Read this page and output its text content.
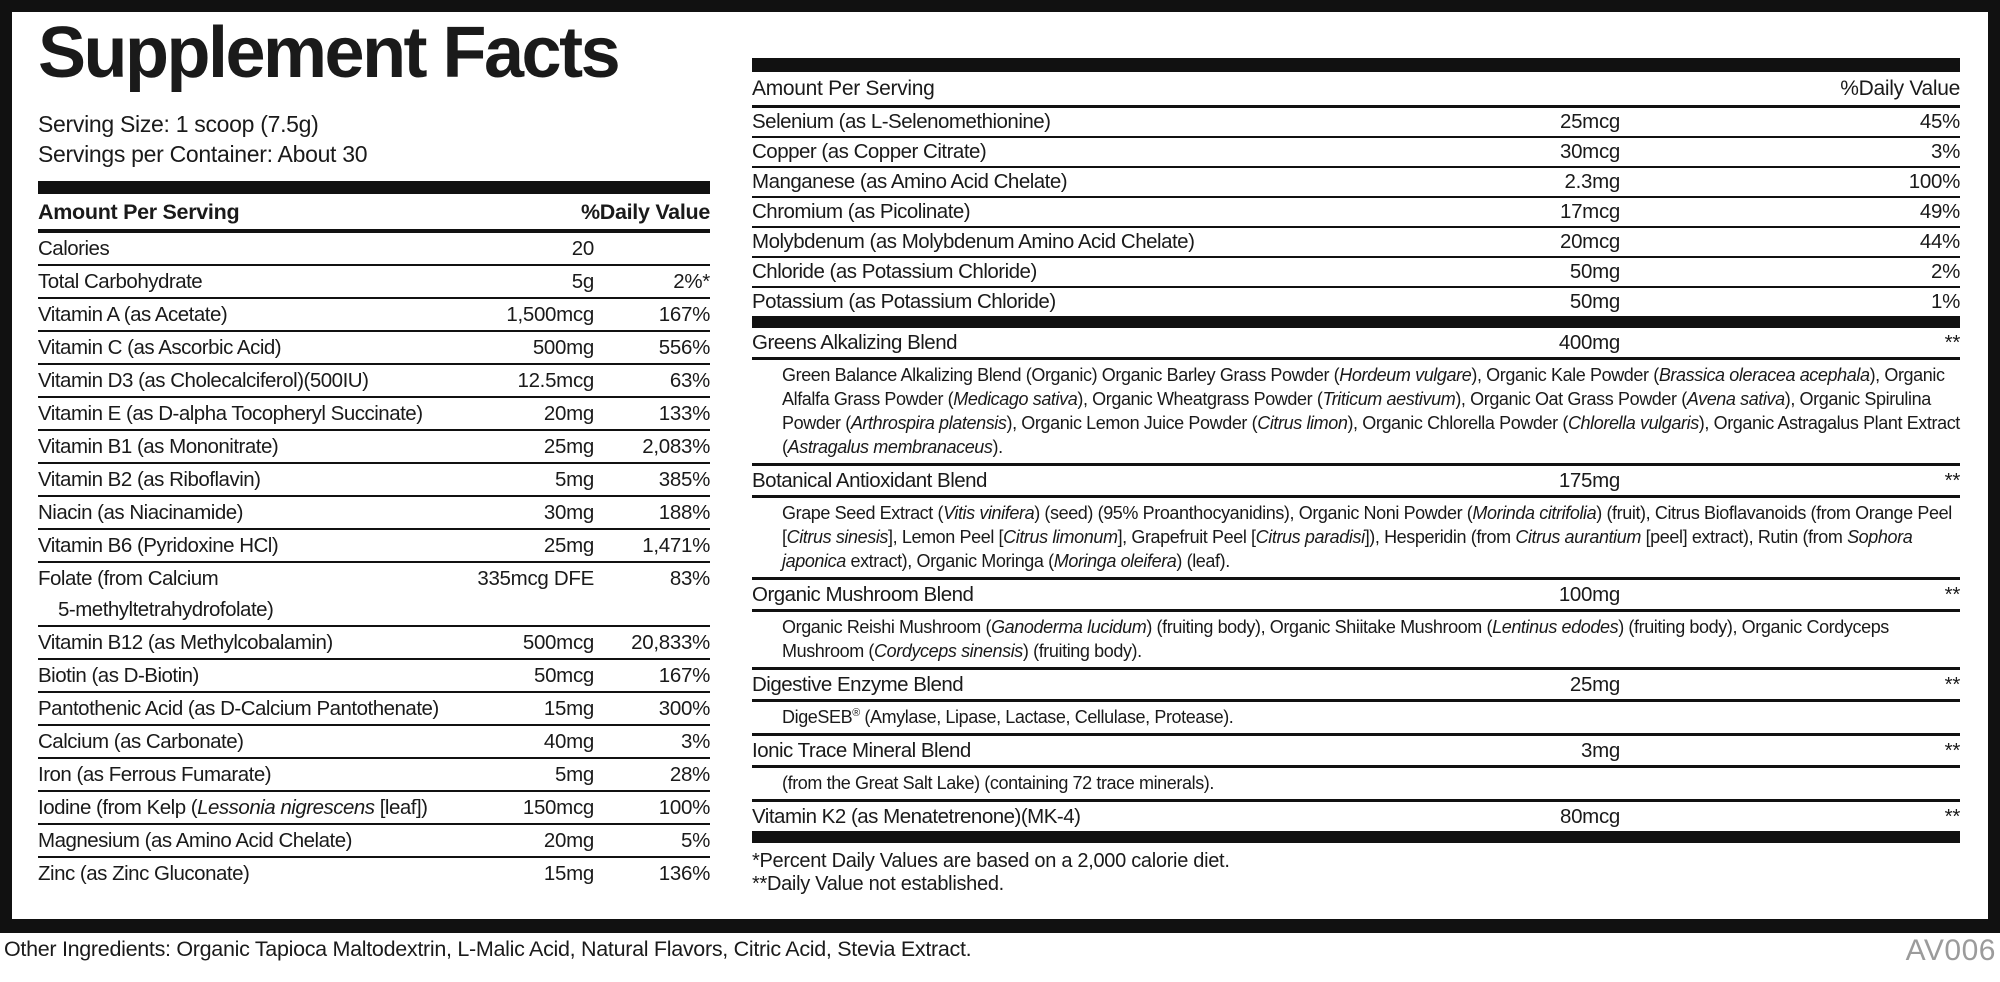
Supplement Facts
Serving Size: 1 scoop (7.5g)
Servings per Container: About 30
Amount Per Serving	%Daily Value
Calories	20
Total Carbohydrate	5g	2%*
Vitamin A (as Acetate)	1,500mcg	167%
Vitamin C (as Ascorbic Acid)	500mg	556%
Vitamin D3 (as Cholecalciferol)(500IU)	12.5mcg	63%
Vitamin E (as D-alpha Tocopheryl Succinate)	20mg	133%
Vitamin B1 (as Mononitrate)	25mg	2,083%
Vitamin B2 (as Riboflavin)	5mg	385%
Niacin (as Niacinamide)	30mg	188%
Vitamin B6 (Pyridoxine HCl)	25mg	1,471%
Folate (from Calcium
5-methyltetrahydrofolate)
335mcg DFE	83%
Vitamin B12 (as Methylcobalamin)	500mcg	20,833%
Biotin (as D-Biotin)	50mcg	167%
Pantothenic Acid (as D-Calcium Pantothenate)	15mg	300%
Calcium (as Carbonate)	40mg	3%
Iron (as Ferrous Fumarate)	5mg	28%
Iodine (from Kelp (Lessonia nigrescens [leaf])	150mcg	100%
Magnesium (as Amino Acid Chelate)	20mg	5%
Zinc (as Zinc Gluconate)	15mg	136%
Amount Per Serving	%Daily Value
Selenium (as L-Selenomethionine)	25mcg	45%
Copper (as Copper Citrate)	30mcg	3%
Manganese (as Amino Acid Chelate)	2.3mg	100%
Chromium (as Picolinate)	17mcg	49%
Molybdenum (as Molybdenum Amino Acid Chelate)	20mcg	44%
Chloride (as Potassium Chloride)	50mg	2%
Potassium (as Potassium Chloride)	50mg	1%
Greens Alkalizing Blend	400mg	**
Green Balance Alkalizing Blend (Organic) Organic Barley Grass Powder (Hordeum vulgare), Organic Kale Powder (Brassica oleracea acephala), Organic Alfalfa Grass Powder (Medicago sativa), Organic Wheatgrass Powder (Triticum aestivum), Organic Oat Grass Powder (Avena sativa), Organic Spirulina Powder (Arthrospira platensis), Organic Lemon Juice Powder (Citrus limon), Organic Chlorella Powder (Chlorella vulgaris), Organic Astragalus Plant Extract (Astragalus membranaceus).
Botanical Antioxidant Blend	175mg	**
Grape Seed Extract (Vitis vinifera) (seed) (95% Proanthocyanidins), Organic Noni Powder (Morinda citrifolia) (fruit), Citrus Bioflavanoids (from Orange Peel [Citrus sinesis], Lemon Peel [Citrus limonum], Grapefruit Peel [Citrus paradisi]), Hesperidin (from Citrus aurantium [peel] extract), Rutin (from Sophora japonica extract), Organic Moringa (Moringa oleifera) (leaf).
Organic Mushroom Blend	100mg	**
Organic Reishi Mushroom (Ganoderma lucidum) (fruiting body), Organic Shiitake Mushroom (Lentinus edodes) (fruiting body), Organic Cordyceps Mushroom (Cordyceps sinensis) (fruiting body).
Digestive Enzyme Blend	25mg	**
DigeSEB® (Amylase, Lipase, Lactase, Cellulase, Protease).
Ionic Trace Mineral Blend	3mg	**
(from the Great Salt Lake) (containing 72 trace minerals).
Vitamin K2 (as Menatetrenone)(MK-4)	80mcg	**
*Percent Daily Values are based on a 2,000 calorie diet.
**Daily Value not established.
Other Ingredients: Organic Tapioca Maltodextrin, L-Malic Acid, Natural Flavors, Citric Acid, Stevia Extract.	AV006
